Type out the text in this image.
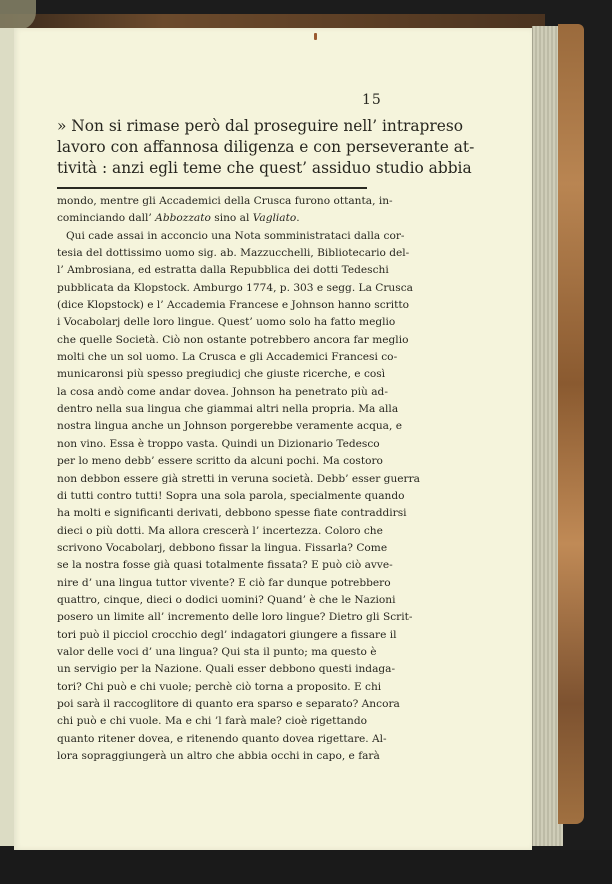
15

» Non si rimase però dal proseguire nell’ intrapreso

lavoro con affannosa diligenza e con perseverante at-

tività : anzi egli teme che quest’ assiduo studio abbia

mondo, mentre gli Accademici della Crusca furono ottanta, in-

cominciando dall’ Abbozzato sino al Vagliato.

Qui cade assai in acconcio una Nota somministrataci dalla cor-

tesia del dottissimo uomo sig. ab. Mazzucchelli, Bibliotecario del-

l’ Ambrosiana, ed estratta dalla Repubblica dei dotti Tedeschi

pubblicata da Klopstock. Amburgo 1774, p. 303 e segg. La Crusca

(dice Klopstock) e l’ Accademia Francese e Johnson hanno scritto

i Vocabolarj delle loro lingue. Quest’ uomo solo ha fatto meglio

che quelle Società. Ciò non ostante potrebbero ancora far meglio

molti che un sol uomo. La Crusca e gli Accademici Francesi co-

municaronsi più spesso pregiudicj che giuste ricerche, e così

la cosa andò come andar dovea. Johnson ha penetrato più ad-

dentro nella sua lingua che giammai altri nella propria. Ma alla

nostra lingua anche un Johnson porgerebbe veramente acqua, e

non vino. Essa è troppo vasta. Quindi un Dizionario Tedesco

per lo meno debb’ essere scritto da alcuni pochi. Ma costoro

non debbon essere già stretti in veruna società. Debb’ esser guerra

di tutti contro tutti! Sopra una sola parola, specialmente quando

ha molti e significanti derivati, debbono spesse fiate contraddirsi

dieci o più dotti. Ma allora crescerà l’ incertezza. Coloro che

scrivono Vocabolarj, debbono fissar la lingua. Fissarla? Come

se la nostra fosse già quasi totalmente fissata? E può ciò avve-

nire d’ una lingua tuttor vivente? E ciò far dunque potrebbero

quattro, cinque, dieci o dodici uomini? Quand’ è che le Nazioni

posero un limite all’ incremento delle loro lingue? Dietro gli Scrit-

tori può il picciol crocchio degl’ indagatori giungere a fissare il

valor delle voci d’ una lingua? Qui sta il punto; ma questo è

un servigio per la Nazione. Quali esser debbono questi indaga-

tori? Chi può e chi vuole; perchè ciò torna a proposito. E chi

poi sarà il raccoglitore di quanto era sparso e separato? Ancora

chi può e chi vuole. Ma e chi ’l farà male? cioè rigettando

quanto ritener dovea, e ritenendo quanto dovea rigettare. Al-

lora sopraggiungerà un altro che abbia occhi in capo, e farà
